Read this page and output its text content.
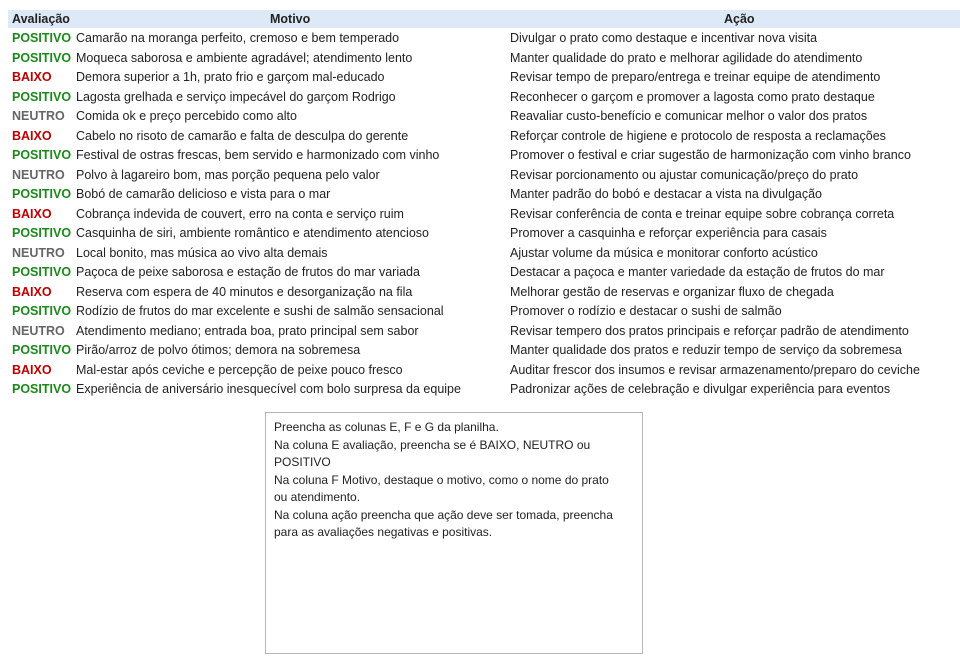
Avaliação	Motivo	Ação
POSITIVO Camarão na moranga perfeito, cremoso e bem temperado	Divulgar o prato como destaque e incentivar nova visita
POSITIVO Moqueca saborosa e ambiente agradável; atendimento lento	Manter qualidade do prato e melhorar agilidade do atendimento
BAIXO	Demora superior a 1h, prato frio e garçom mal-educado	Revisar tempo de preparo/entrega e treinar equipe de atendimento
POSITIVO Lagosta grelhada e serviço impecável do garçom Rodrigo	Reconhecer o garçom e promover a lagosta como prato destaque
NEUTRO Comida ok e preço percebido como alto	Reavaliar custo-benefício e comunicar melhor o valor dos pratos
BAIXO	Cabelo no risoto de camarão e falta de desculpa do gerente	Reforçar controle de higiene e protocolo de resposta a reclamações
POSITIVO Festival de ostras frescas, bem servido e harmonizado com vinho	Promover o festival e criar sugestão de harmonização com vinho branco
NEUTRO Polvo à lagareiro bom, mas porção pequena pelo valor	Revisar porcionamento ou ajustar comunicação/preço do prato
POSITIVO Bobó de camarão delicioso e vista para o mar	Manter padrão do bobó e destacar a vista na divulgação
BAIXO	Cobrança indevida de couvert, erro na conta e serviço ruim	Revisar conferência de conta e treinar equipe sobre cobrança correta
POSITIVO Casquinha de siri, ambiente romântico e atendimento atencioso	Promover a casquinha e reforçar experiência para casais
NEUTRO Local bonito, mas música ao vivo alta demais	Ajustar volume da música e monitorar conforto acústico
POSITIVO Paçoca de peixe saborosa e estação de frutos do mar variada	Destacar a paçoca e manter variedade da estação de frutos do mar
BAIXO	Reserva com espera de 40 minutos e desorganização na fila	Melhorar gestão de reservas e organizar fluxo de chegada
POSITIVO Rodízio de frutos do mar excelente e sushi de salmão sensacional	Promover o rodízio e destacar o sushi de salmão
NEUTRO Atendimento mediano; entrada boa, prato principal sem sabor	Revisar tempero dos pratos principais e reforçar padrão de atendimento
POSITIVO Pirão/arroz de polvo ótimos; demora na sobremesa	Manter qualidade dos pratos e reduzir tempo de serviço da sobremesa
BAIXO	Mal-estar após ceviche e percepção de peixe pouco fresco	Auditar frescor dos insumos e revisar armazenamento/preparo do ceviche
POSITIVO Experiência de aniversário inesquecível com bolo surpresa da equipe	Padronizar ações de celebração e divulgar experiência para eventos

Preencha as colunas E, F e G da planilha.

Na coluna E avaliação, preencha se é BAIXO, NEUTRO ou

POSITIVO

Na coluna F Motivo, destaque o motivo, como o nome do prato

ou atendimento.

Na coluna ação preencha que ação deve ser tomada, preencha

para as avaliações negativas e positivas.
